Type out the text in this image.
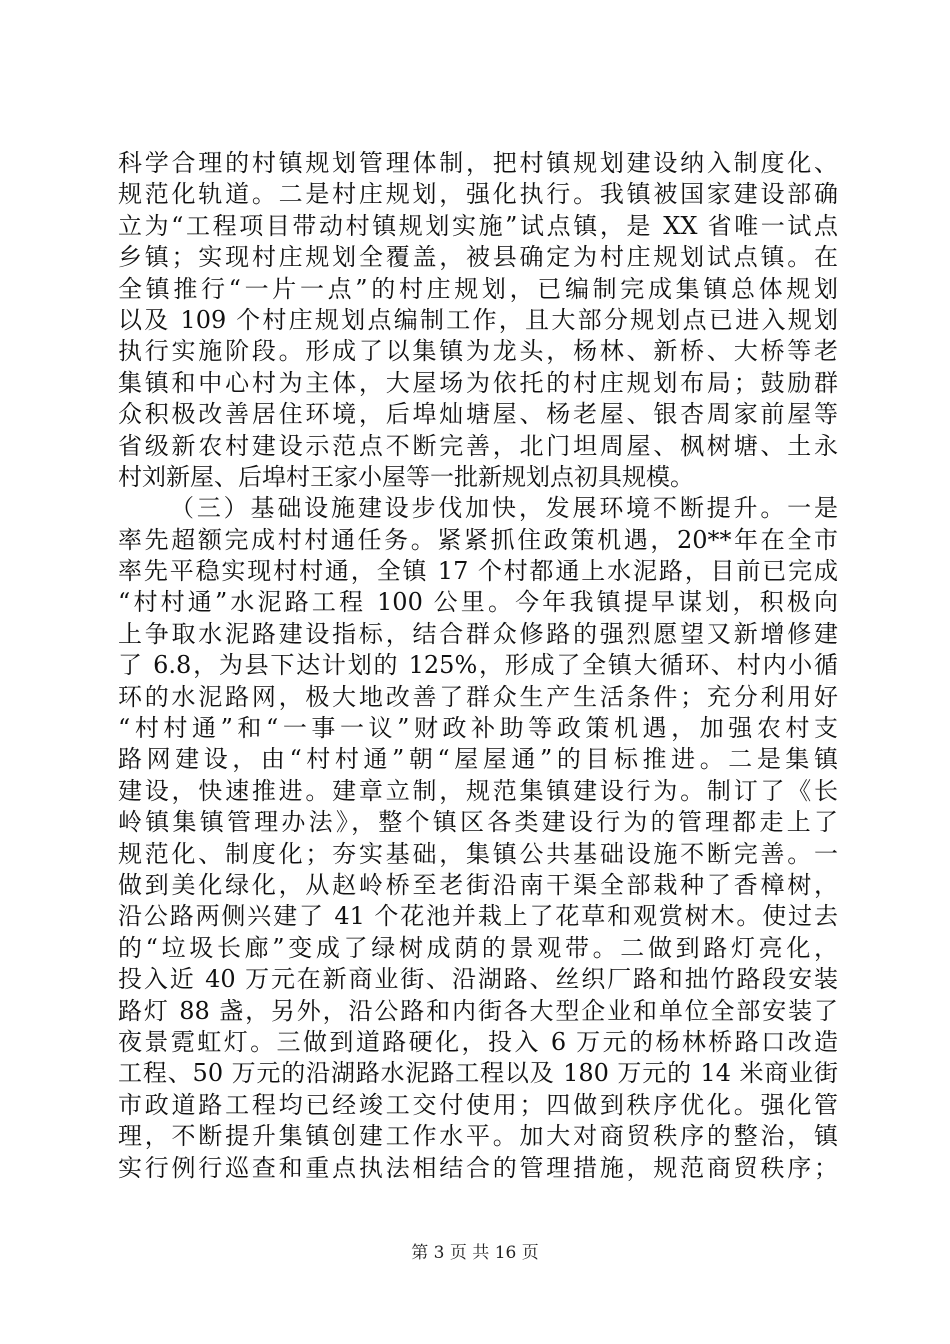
科学合理的村镇规划管理体制，把村镇规划建设纳入制度化、
规范化轨道。二是村庄规划，强化执行。我镇被国家建设部确
立为“工程项目带动村镇规划实施”试点镇，是 XX 省唯一试点
乡镇；实现村庄规划全覆盖，被县确定为村庄规划试点镇。在
全镇推行“一片一点”的村庄规划，已编制完成集镇总体规划
以及 109 个村庄规划点编制工作，且大部分规划点已进入规划
执行实施阶段。形成了以集镇为龙头，杨林、新桥、大桥等老
集镇和中心村为主体，大屋场为依托的村庄规划布局；鼓励群
众积极改善居住环境，后埠灿塘屋、杨老屋、银杏周家前屋等
省级新农村建设示范点不断完善，北门坦周屋、枫树塘、土永
村刘新屋、后埠村王家小屋等一批新规划点初具规模。
（三）基础设施建设步伐加快，发展环境不断提升。一是
率先超额完成村村通任务。紧紧抓住政策机遇，20**年在全市
率先平稳实现村村通，全镇 17 个村都通上水泥路，目前已完成
“村村通”水泥路工程 100 公里。今年我镇提早谋划，积极向
上争取水泥路建设指标，结合群众修路的强烈愿望又新增修建
了 6.8，为县下达计划的 125%，形成了全镇大循环、村内小循
环的水泥路网，极大地改善了群众生产生活条件；充分利用好
“村村通”和“一事一议”财政补助等政策机遇，加强农村支
路网建设，由“村村通”朝“屋屋通”的目标推进。二是集镇
建设，快速推进。建章立制，规范集镇建设行为。制订了《长
岭镇集镇管理办法》，整个镇区各类建设行为的管理都走上了
规范化、制度化；夯实基础，集镇公共基础设施不断完善。一
做到美化绿化，从赵岭桥至老街沿南干渠全部栽种了香樟树，
沿公路两侧兴建了 41 个花池并栽上了花草和观赏树木。使过去
的“垃圾长廊”变成了绿树成荫的景观带。二做到路灯亮化，
投入近 40 万元在新商业街、沿湖路、丝织厂路和拙竹路段安装
路灯 88 盏，另外，沿公路和内街各大型企业和单位全部安装了
夜景霓虹灯。三做到道路硬化，投入 6 万元的杨林桥路口改造
工程、50 万元的沿湖路水泥路工程以及 180 万元的 14 米商业街
市政道路工程均已经竣工交付使用；四做到秩序优化。强化管
理，不断提升集镇创建工作水平。加大对商贸秩序的整治，镇
实行例行巡查和重点执法相结合的管理措施，规范商贸秩序；
第 3 页 共 16 页
